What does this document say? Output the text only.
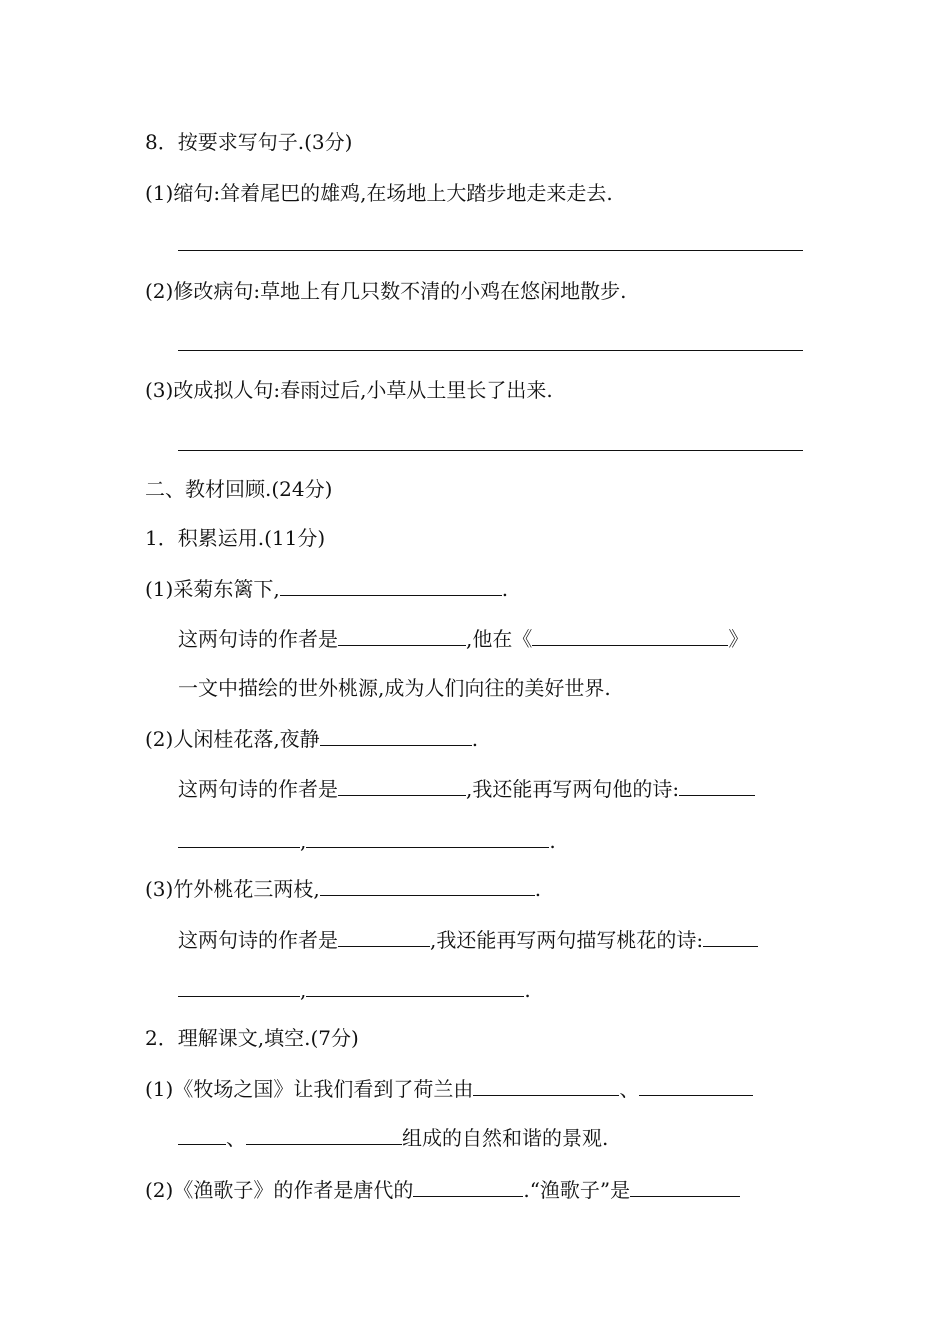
8．按要求写句子.(3分)
(1)缩句:耸着尾巴的雄鸡,在场地上大踏步地走来走去.
(2)修改病句:草地上有几只数不清的小鸡在悠闲地散步.
(3)改成拟人句:春雨过后,小草从土里长了出来.
二、教材回顾.(24分)
1．积累运用.(11分)
(1)采菊东篱下,	.
这两句诗的作者是	,他在《	》
一文中描绘的世外桃源,成为人们向往的美好世界.
(2)人闲桂花落,夜静	.
这两句诗的作者是	,我还能再写两句他的诗:
,	.
(3)竹外桃花三两枝,	.
这两句诗的作者是	,我还能再写两句描写桃花的诗:
,	.
2．理解课文,填空.(7分)
(1)《牧场之国》让我们看到了荷兰由	、
、	组成的自然和谐的景观.
(2)《渔歌子》的作者是唐代的	.“渔歌子”是
